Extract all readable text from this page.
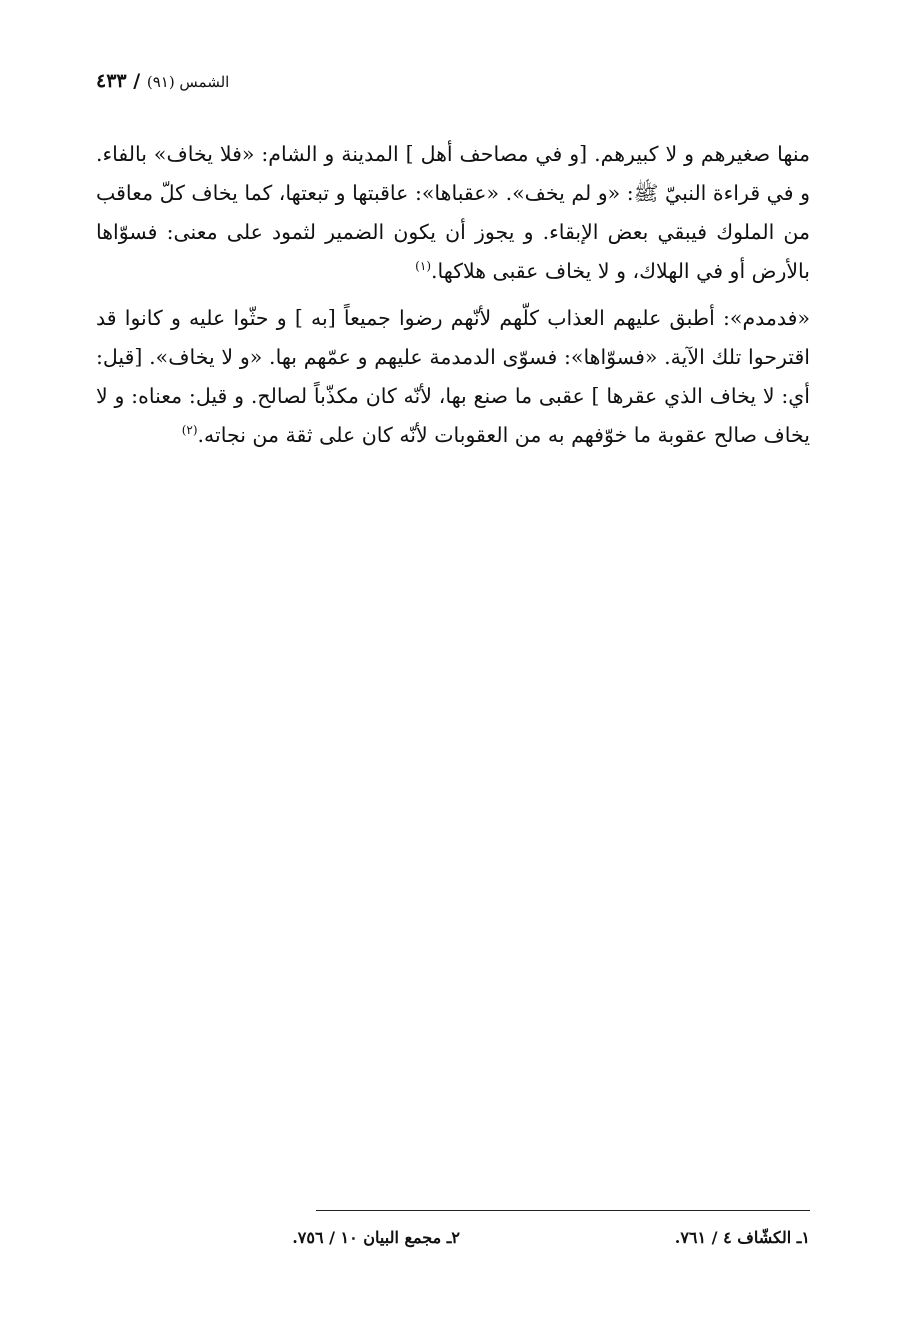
الشمس (٩١) / ٤٣٣

منها صغيرهم و لا كبيرهم. [و في مصاحف أهل ] المدينة و الشام: «فلا يخاف» بالفاء. و في قراءة النبيّ ﷺ: «و لم يخف». «عقباها»: عاقبتها و تبعتها، كما يخاف كلّ معاقب من الملوك فيبقي بعض الإبقاء. و يجوز أن يكون الضمير لثمود على معنى: فسوّاها بالأرض أو في الهلاك، و لا يخاف عقبى هلاكها.$^{(١)}$

«فدمدم»: أطبق عليهم العذاب كلّهم لأنّهم رضوا جميعاً [به ] و حثّوا عليه و كانوا قد اقترحوا تلك الآية. «فسوّاها»: فسوّى الدمدمة عليهم و عمّهم بها. «و لا يخاف». [قيل: أي: لا يخاف الذي عقرها ] عقبى ما صنع بها، لأنّه كان مكذّباً لصالح. و قيل: معناه: و لا يخاف صالح عقوبة ما خوّفهم به من العقوبات لأنّه كان على ثقة من نجاته.$^{(٢)}$

١ـ الكشّاف ٤ / ٧٦١.
٢ـ مجمع البيان ١٠ / ٧٥٦.
